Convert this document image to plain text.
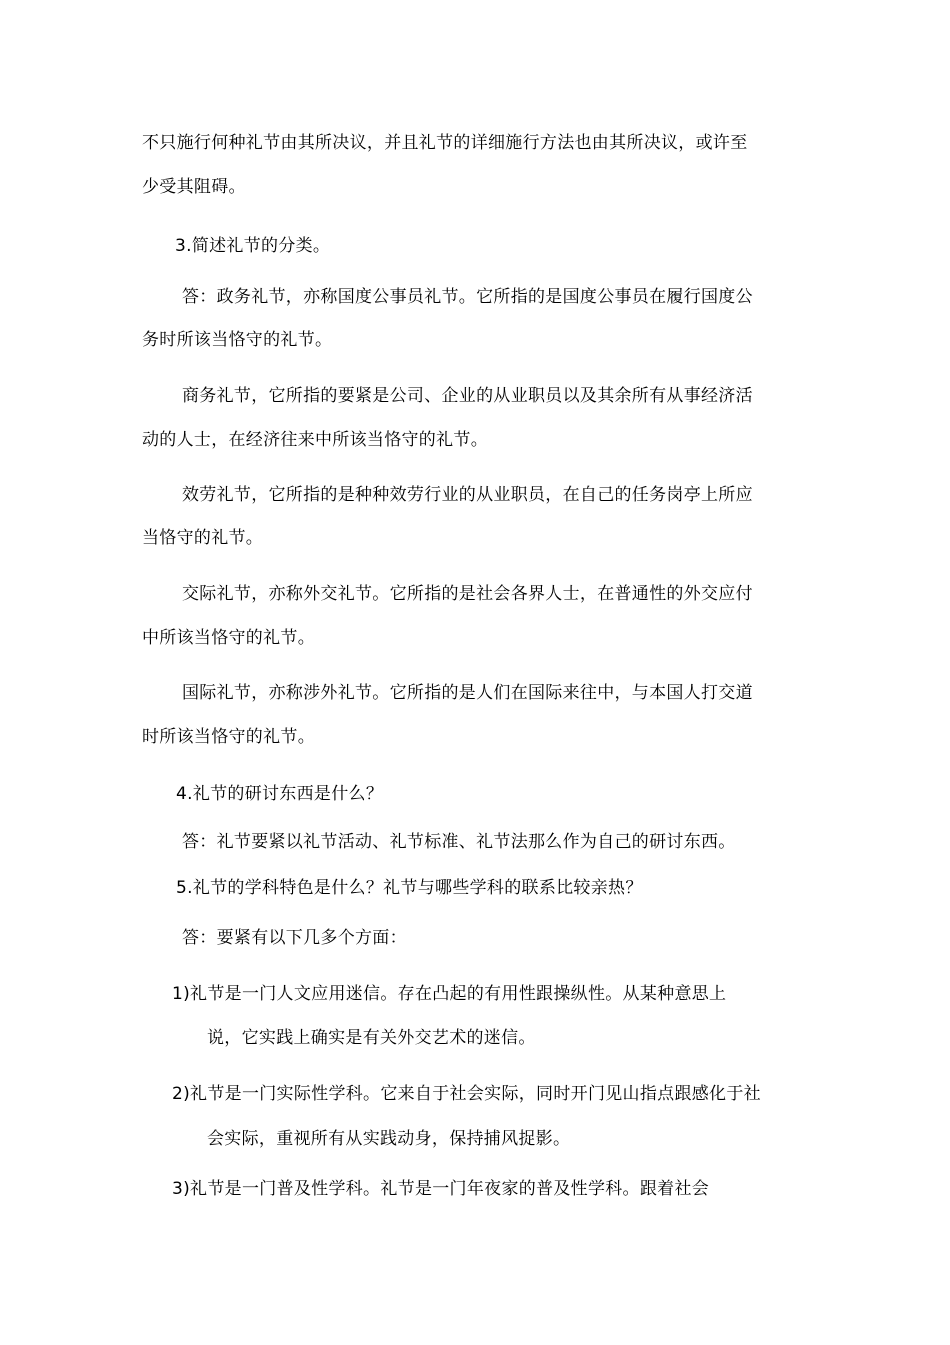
不只施行何种礼节由其所决议，并且礼节的详细施行方法也由其所决议，或许至
少受其阻碍。
3.简述礼节的分类。
答：政务礼节，亦称国度公事员礼节。它所指的是国度公事员在履行国度公
务时所该当恪守的礼节。
商务礼节，它所指的要紧是公司、企业的从业职员以及其余所有从事经济活
动的人士，在经济往来中所该当恪守的礼节。
效劳礼节，它所指的是种种效劳行业的从业职员，在自己的任务岗亭上所应
当恪守的礼节。
交际礼节，亦称外交礼节。它所指的是社会各界人士，在普通性的外交应付
中所该当恪守的礼节。
国际礼节，亦称涉外礼节。它所指的是人们在国际来往中，与本国人打交道
时所该当恪守的礼节。
4.礼节的研讨东西是什么？
答：礼节要紧以礼节活动、礼节标准、礼节法那么作为自己的研讨东西。
5.礼节的学科特色是什么？礼节与哪些学科的联系比较亲热？
答：要紧有以下几多个方面：
1)礼节是一门人文应用迷信。存在凸起的有用性跟操纵性。从某种意思上
说，它实践上确实是有关外交艺术的迷信。
2)礼节是一门实际性学科。它来自于社会实际，同时开门见山指点跟感化于社
会实际，重视所有从实践动身，保持捕风捉影。
3)礼节是一门普及性学科。礼节是一门年夜家的普及性学科。跟着社会
